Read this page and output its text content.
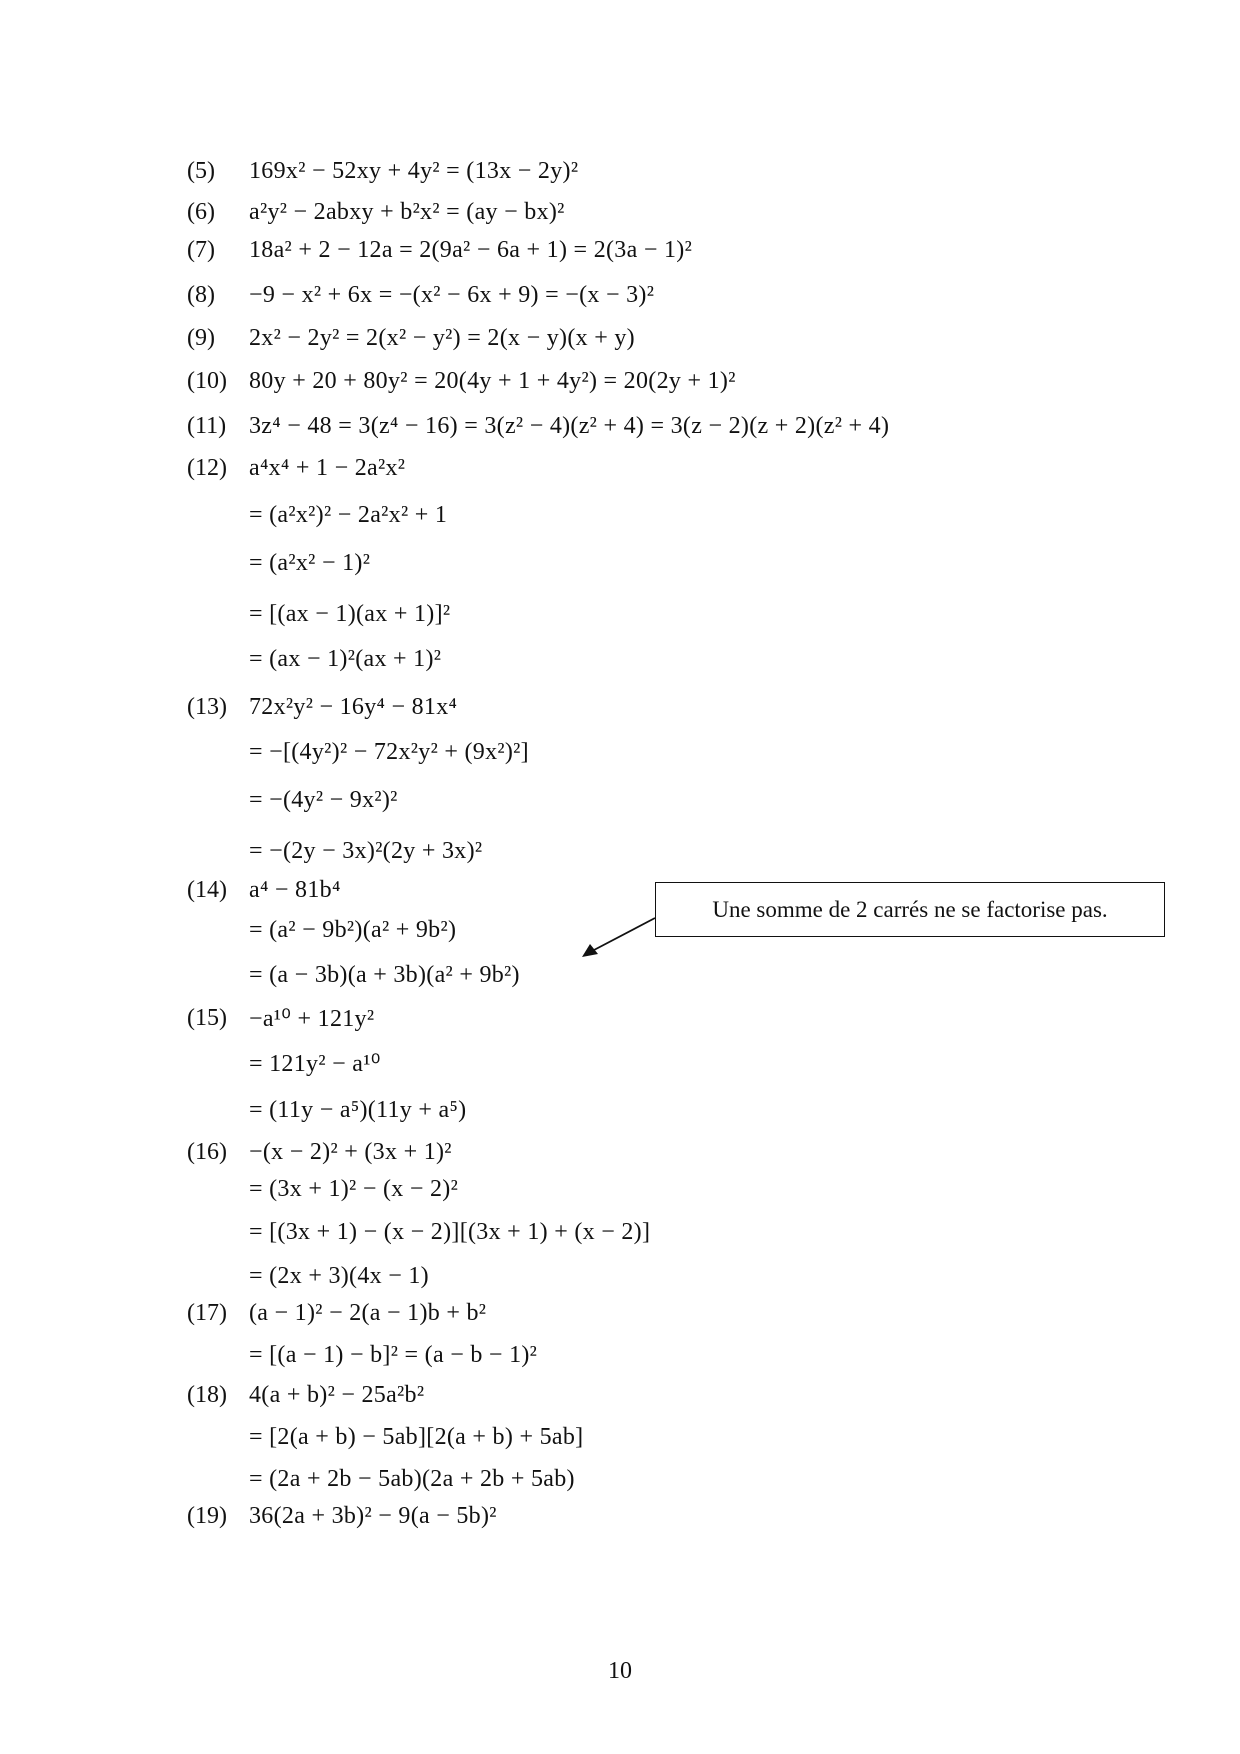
(5)	169x² − 52xy + 4y² = (13x − 2y)²
(6)	a²y² − 2abxy + b²x² = (ay − bx)²
(7)	18a² + 2 − 12a = 2(9a² − 6a + 1) = 2(3a − 1)²
(8)	−9 − x² + 6x = −(x² − 6x + 9) = −(x − 3)²
(9)	2x² − 2y² = 2(x² − y²) = 2(x − y)(x + y)
(10) 80y + 20 + 80y² = 20(4y + 1 + 4y²) = 20(2y + 1)²
(11) 3z⁴ − 48 = 3(z⁴ − 16) = 3(z² − 4)(z² + 4) = 3(z − 2)(z + 2)(z² + 4)
(12) a⁴x⁴ + 1 − 2a²x²
= (a²x²)² − 2a²x² + 1
= (a²x² − 1)²
= [(ax − 1)(ax + 1)]²
= (ax − 1)²(ax + 1)²
(13) 72x²y² − 16y⁴ − 81x⁴
= −[(4y²)² − 72x²y² + (9x²)²]
= −(4y² − 9x²)²
= −(2y − 3x)²(2y + 3x)²
(14) a⁴ − 81b⁴
= (a² − 9b²)(a² + 9b²)
= (a − 3b)(a + 3b)(a² + 9b²)
(15) −a¹⁰ + 121y²
= 121y² − a¹⁰
= (11y − a⁵)(11y + a⁵)
(16) −(x − 2)² + (3x + 1)²
= (3x + 1)² − (x − 2)²
= [(3x + 1) − (x − 2)][(3x + 1) + (x − 2)]
= (2x + 3)(4x − 1)
(17) (a − 1)² − 2(a − 1)b + b²
= [(a − 1) − b]² = (a − b − 1)²
(18) 4(a + b)² − 25a²b²
= [2(a + b) − 5ab][2(a + b) + 5ab]
= (2a + 2b − 5ab)(2a + 2b + 5ab)
(19) 36(2a + 3b)² − 9(a − 5b)²
Une somme de 2 carrés ne se factorise pas.
10
